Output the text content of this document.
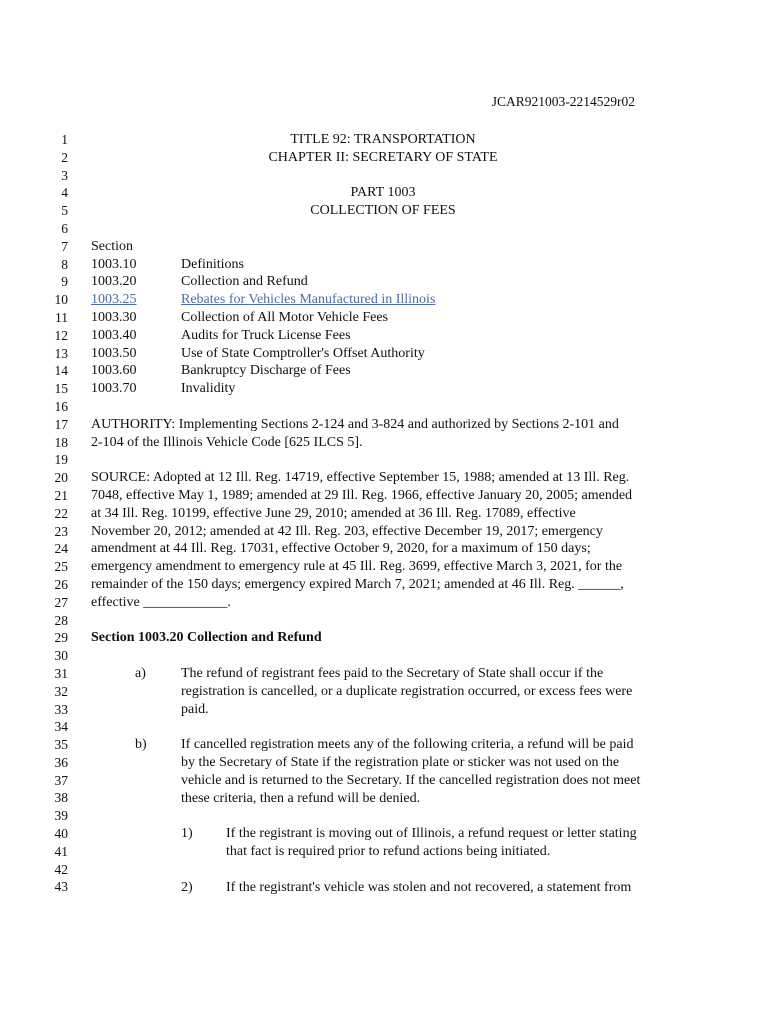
JCAR921003-2214529r02
1
2
3
4
5
6
7
8
9
10
11
12
13
14
15
16
17
18
19
20
21
22
23
24
25
26
27
28
29
30
31
32
33
34
35
36
37
38
39
40
41
42
43
TITLE 92: TRANSPORTATION
CHAPTER II: SECRETARY OF STATE
PART 1003
COLLECTION OF FEES
Section
1003.10	Definitions
1003.20	Collection and Refund
1003.25	Rebates for Vehicles Manufactured in Illinois
1003.30	Collection of All Motor Vehicle Fees
1003.40	Audits for Truck License Fees
1003.50	Use of State Comptroller's Offset Authority
1003.60	Bankruptcy Discharge of Fees
1003.70	Invalidity
AUTHORITY: Implementing Sections 2-124 and 3-824 and authorized by Sections 2-101 and
2-104 of the Illinois Vehicle Code [625 ILCS 5].
SOURCE: Adopted at 12 Ill. Reg. 14719, effective September 15, 1988; amended at 13 Ill. Reg.
7048, effective May 1, 1989; amended at 29 Ill. Reg. 1966, effective January 20, 2005; amended
at 34 Ill. Reg. 10199, effective June 29, 2010; amended at 36 Ill. Reg. 17089, effective
November 20, 2012; amended at 42 Ill. Reg. 203, effective December 19, 2017; emergency
amendment at 44 Ill. Reg. 17031, effective October 9, 2020, for a maximum of 150 days;
emergency amendment to emergency rule at 45 Ill. Reg. 3699, effective March 3, 2021, for the
remainder of the 150 days; emergency expired March 7, 2021; amended at 46 Ill. Reg. ______,
effective ____________.
Section 1003.20 Collection and Refund
a)	The refund of registrant fees paid to the Secretary of State shall occur if the
registration is cancelled, or a duplicate registration occurred, or excess fees were
paid.
b) If cancelled registration meets any of the following criteria, a refund will be paid
by the Secretary of State if the registration plate or sticker was not used on the
vehicle and is returned to the Secretary. If the cancelled registration does not meet
these criteria, then a refund will be denied.
1) If the registrant is moving out of Illinois, a refund request or letter stating
that fact is required prior to refund actions being initiated.
2) If the registrant's vehicle was stolen and not recovered, a statement from
